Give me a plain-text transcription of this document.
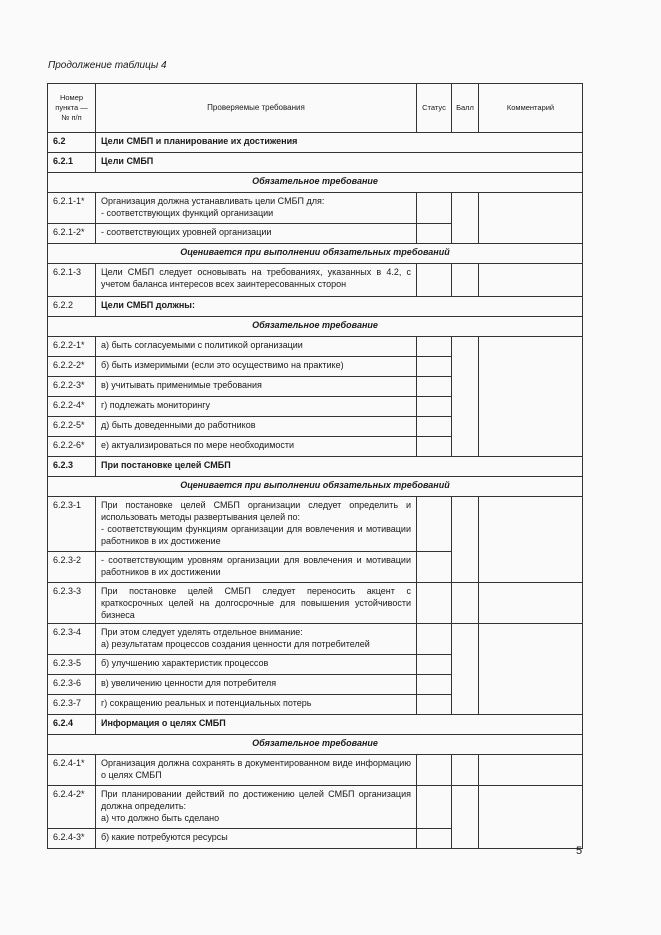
Продолжение таблицы 4
Номер
пункта —
№ п/п	Проверяемые требования	Статус	Балл	Комментарий
6.2	Цели СМБП и планирование их достижения			
6.2.1	Цели СМБП			
Обязательное требование				
6.2.1-1*	Организация должна устанавливать цели СМБП для:
- соответствующих функций организации			

6.2.1-2*	- соответствующих уровней организации			
Оценивается при выполнении обязательных требований				
6.2.1-3	Цели СМБП следует основывать на требованиях, указанных в 4.2, с учетом баланса интересов всех заинтересованных сторон			
6.2.2	Цели СМБП должны:			
Обязательное требование				
6.2.2-1*	а) быть согласуемыми с политикой организации			
6.2.2-2*	б) быть измеримыми (если это осуществимо на практике)			
6.2.2-3*	в) учитывать применимые требования			
6.2.2-4*	г) подлежать мониторингу			
6.2.2-5*	д) быть доведенными до работников			
6.2.2-6*	е) актуализироваться по мере необходимости			
6.2.3	При постановке целей СМБП			
Оценивается при выполнении обязательных требований				
6.2.3-1	При постановке целей СМБП организации следует определить и использовать методы развертывания целей по:
- соответствующим функциям организации для вовлечения и мотивации работников в их достижение			

6.2.3-2	- соответствующим уровням организации для вовлечения и мотивации работников в их достижении			
6.2.3-3	При постановке целей СМБП следует переносить акцент с краткосрочных целей на долгосрочные для повышения устойчивости бизнеса			
6.2.3-4	При этом следует уделять отдельное внимание:
а) результатам процессов создания ценности для потребителей			

6.2.3-5	б) улучшению характеристик процессов			
6.2.3-6	в) увеличению ценности для потребителя			
6.2.3-7	г) сокращению реальных и потенциальных потерь			
6.2.4	Информация о целях СМБП			
Обязательное требование				
6.2.4-1*	Организация должна сохранять в документированном виде информацию о целях СМБП			
6.2.4-2*	При планировании действий по достижению целей СМБП организация должна определить:
а) что должно быть сделано			

6.2.4-3*	б) какие потребуются ресурсы			
5
